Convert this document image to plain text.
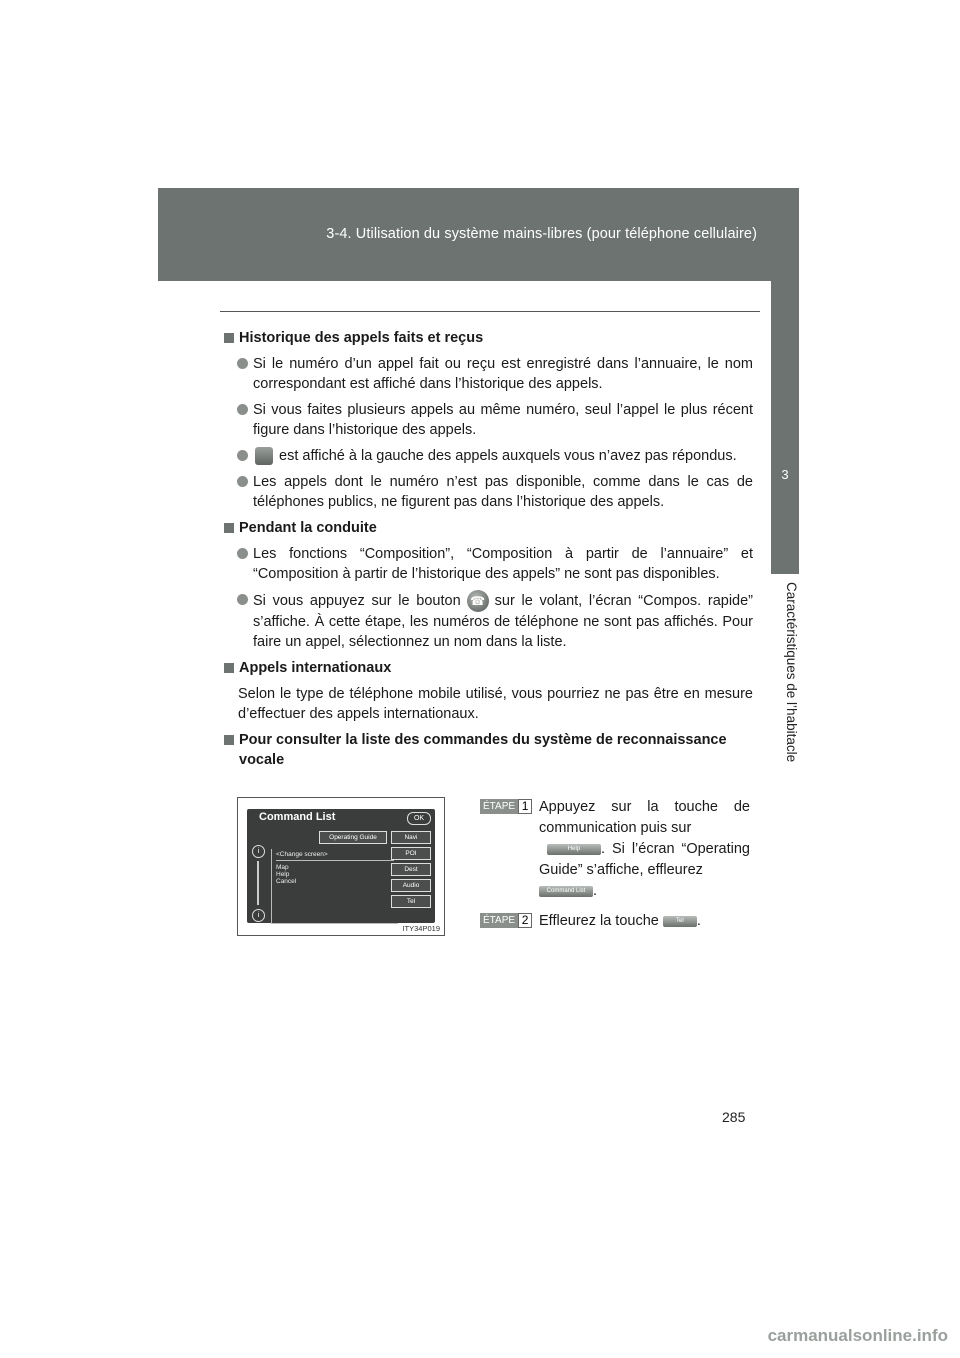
3-4. Utilisation du système mains-libres (pour téléphone cellulaire)
3
Caractéristiques de l’habitacle
Historique des appels faits et reçus
Si le numéro d’un appel fait ou reçu est enregistré dans l’annuaire, le nom correspondant est affiché dans l’historique des appels.
Si vous faites plusieurs appels au même numéro, seul l’appel le plus récent figure dans l’historique des appels.
est affiché à la gauche des appels auxquels vous n’avez pas répondus.
Les appels dont le numéro n’est pas disponible, comme dans le cas de téléphones publics, ne figurent pas dans l’historique des appels.
Pendant la conduite
Les fonctions “Composition”, “Composition à partir de l’annuaire” et “Composition à partir de l’historique des appels” ne sont pas disponibles.
Si vous appuyez sur le bouton ☎ sur le volant, l’écran “Compos. rapide” s’affiche. À cette étape, les numéros de téléphone ne sont pas affichés. Pour faire un appel, sélectionnez un nom dans la liste.
Appels internationaux
Selon le type de téléphone mobile utilisé, vous pourriez ne pas être en mesure d’effectuer des appels internationaux.
Pour consulter la liste des commandes du système de reconnaissance vocale
Command List	OK
Operating Guide	Navi
POI
Dest
Audio
Tel
i
i
<Change screen>
Map
Help
Cancel
ITY34P019
ÉTAPE 1 Appuyez sur la touche de communication puis sur
Help . Si l’écran “Operating Guide” s’affiche, effleurez
Command List .
ÉTAPE 2 Effleurez la touche	Tel .
285
carmanualsonline.info
